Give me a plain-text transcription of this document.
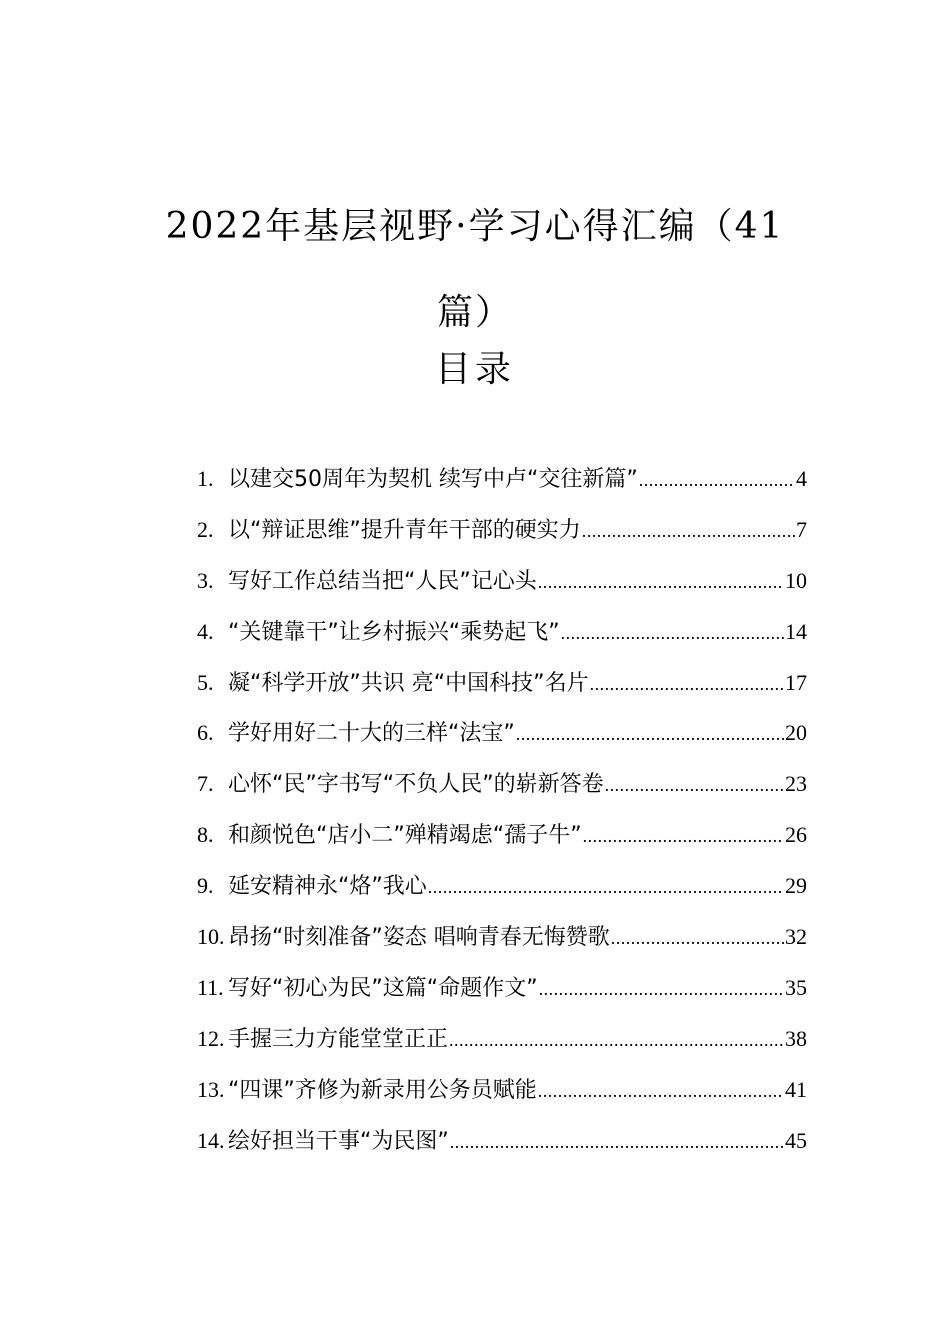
2022年基层视野·学习心得汇编（41篇）
目录
1. 以建交50周年为契机 续写中卢“交往新篇” .....	4
2. 以“辩证思维”提升青年干部的硬实力 .....	7
3. 写好工作总结当把“人民”记心头 .....	10
4. “关键靠干”让乡村振兴“乘势起飞” .....	14
5. 凝“科学开放”共识 亮“中国科技”名片 .....	17
6. 学好用好二十大的三样“法宝” .....	20
7. 心怀“民”字书写“不负人民”的崭新答卷 .....	23
8. 和颜悦色“店小二”殚精竭虑“孺子牛” .....	26
9. 延安精神永“烙”我心 .....	29
10. 昂扬“时刻准备”姿态 唱响青春无悔赞歌 .....	32
11. 写好“初心为民”这篇“命题作文” .....	35
12. 手握三力方能堂堂正正 .....	38
13. “四课”齐修为新录用公务员赋能 .....	41
14. 绘好担当干事“为民图” .....	45
